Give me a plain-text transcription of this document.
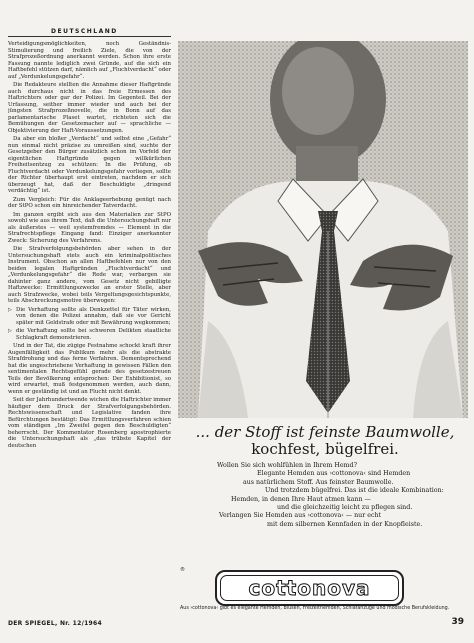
DEUTSCHLAND

Verteidigungsmöglichkeiten, noch Geständnis-Stimulierung und freilich Ziele, die von der Strafprozeßordnung anerkannt werden. Schon ihre erste Fassung nannte lediglich zwei Gründe, auf die sich ein Haftbefehl stützen darf, nämlich auf „Fluchtverdacht“ oder auf „Verdunkelungsgefahr“.

Die Redakteure stellten die Annahme dieser Haftgründe auch durchaus nicht in das freie Ermessen des Haftrichters oder gar der Polizei. Im Gegenteil. Bei der Urfassung, seither immer wieder und auch bei der jüngsten Strafprozeßnovelle, die in Bonn auf das parlamentarische Plaset wartet, richteten sich die Bemühungen der Gesetzemacher auf — sprachliche — Objektivierung der Haft-Voraussetzungen.

Da aber ein bloßer „Verdacht“ und selbst eine „Gefahr“ nun einmal nicht präzise zu umreißen sind, suchte der Gesetzgeber den Bürger zusätzlich schon im Vorfeld der eigentlichen Haftgründe gegen willkürlichen Freiheitsentzug zu schützen: In die Prüfung, ob Fluchtverdacht oder Verdunkelungsgefahr vorliegen, sollte der Richter überhaupt erst eintreten, nachdem er sich überzeugt hat, daß der Beschuldigte „dringend verdächtig“ ist.

Zum Vergleich: Für die Anklageerhebung genügt nach der StPO schon ein hinreichender Tatverdacht.

Im ganzen ergibt sich aus den Materialien zur StPO sowohl wie aus ihrem Text, daß die Untersuchungshaft nur als äußerstes — weil systemfremdes — Element in die Strafrechtspflege Eingang fand: Einziger anerkannter Zweck: Sicherung des Verfahrens.

Die Strafverfolgungsbehörden aber sehen in der Untersuchungshaft stets auch ein kriminalpolitisches Instrument. Obschon an allen Haftbefehlen nur von den beiden legalen Haftgründen „Fluchtverdacht“ und „Verdunkelungsgefahr“ die Rede war, verbargen sie dahinter ganz andere, vom Gesetz nicht gebilligte Haftzwecke: Ermittlungszwecke an erster Stelle, aber auch Strafzwecke, wobei teils Vergeltungsgesichtspunkte, teils Abschreckungsmotive überwogen:

▷ Die Verhaftung sollte als Denkzettel für Täter wirken, von denen die Polizei annahm, daß sie vor Gericht später mit Geldstrafe oder mit Bewährung wegkommen;

▷ die Verhaftung sollte bei schweren Delikten staatliche Schlagkraft demonstrieren.

Und in der Tat, die zügige Festnahme schockt kraft ihrer Augenfälligkeit das Publikum mehr als die abstrakte Strafdrohung und das ferne Verfahren. Dementsprechend hat die ungeschriebene Verhaftung in gewissen Fällen den sentimentalen Rechtsgefühl gerade des gesetzestreuen Teils der Bevölkerung entsprochen: Der Exhibitionist, so wird erwartet, muß festgenommen werden, auch dann, wenn er geständig ist und an Flucht nicht denkt.

Seit der Jahrhundertwende wichen die Haftrichter immer häufiger dem Druck der Strafverfolgungsbehörden. Rechtswissenschaft und Legislative fanden ihre Befürchtungen bestätigt: Das Ermittlungsverfahren schien vom ständigen „Im Zweifel gegen den Beschuldigten“ beherrscht. Der Kommentator Rosenberg apostrophierte die Untersuchungshaft als „das trübste Kapitel der deutschen

... der Stoff ist feinste Baumwolle,
kochfest, bügelfrei.
Wollen Sie sich wohlfühlen in Ihrem Hemd?
Elegante Hemden aus ›cottonova‹ sind Hemden
aus natürlichem Stoff. Aus feinster Baumwolle.
Und trotzdem bügelfrei. Das ist die ideale Kombination:
Hemden, in denen Ihre Haut atmen kann —
und die gleichzeitig leicht zu pflegen sind.
Verlangen Sie Hemden aus ›cottonova‹ — nur echt
mit dem silbernen Kennfaden in der Knopfleiste.
®
cottonova
Aus ›cottonova‹ gibt es elegante Hemden, Blusen, Freizeithemden, Schlafanzüge und modische Berufskleidung.
DER SPIEGEL, Nr. 12/1964	39
